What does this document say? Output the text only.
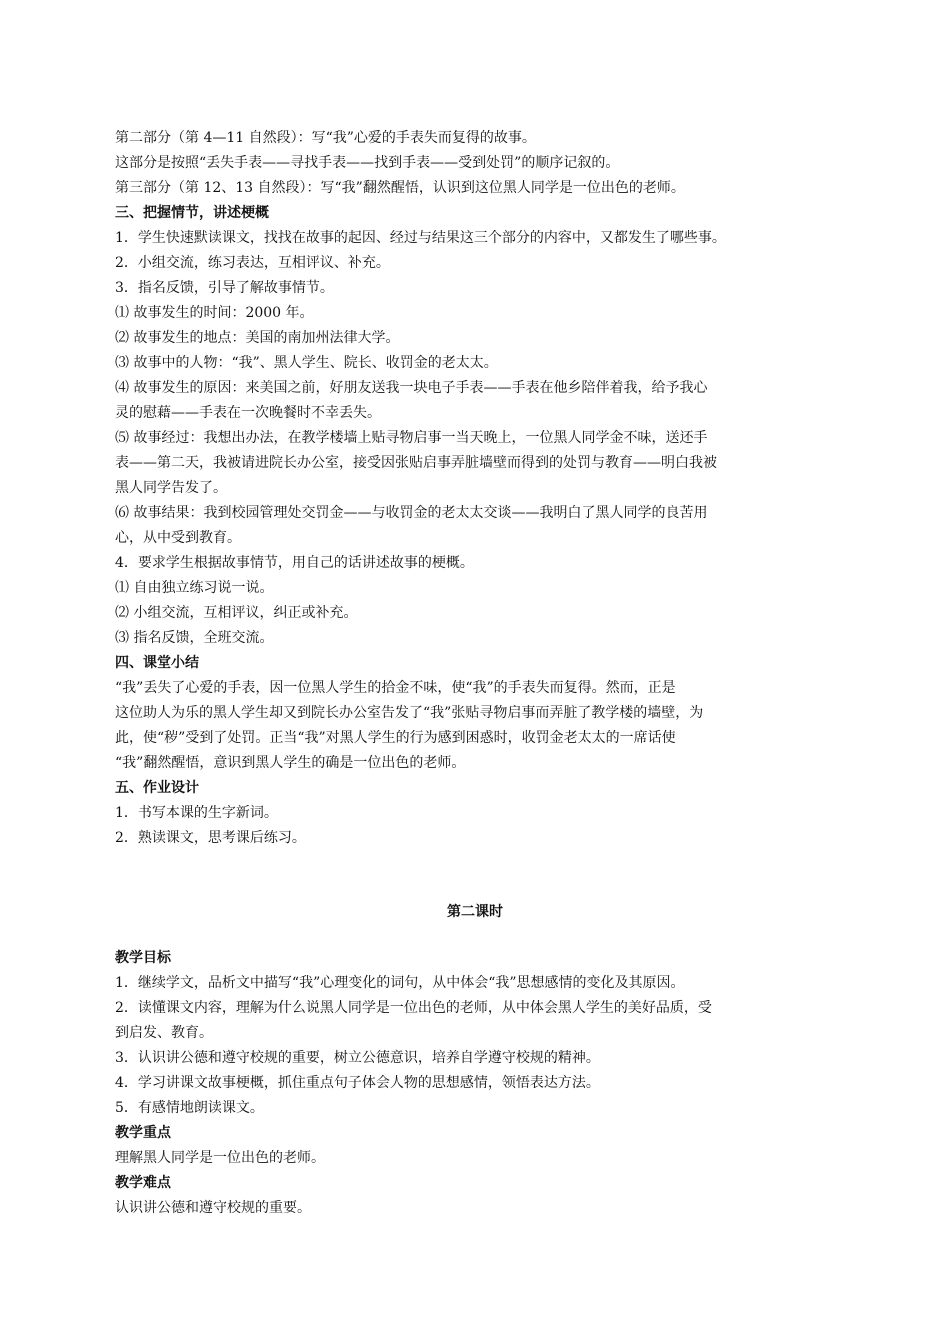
第二部分（第 4—11 自然段）：写“我”心爱的手表失而复得的故事。
这部分是按照“丢失手表——寻找手表——找到手表——受到处罚”的顺序记叙的。
第三部分（第 12、13 自然段）：写“我”翻然醒悟，认识到这位黑人同学是一位出色的老师。
三、把握情节，讲述梗概
1．学生快速默读课文，找找在故事的起因、经过与结果这三个部分的内容中，又都发生了哪些事。
2．小组交流，练习表达，互相评议、补充。
3．指名反馈，引导了解故事情节。
⑴ 故事发生的时间：2000 年。
⑵ 故事发生的地点：美国的南加州法律大学。
⑶ 故事中的人物：“我”、黑人学生、院长、收罚金的老太太。
⑷ 故事发生的原因：来美国之前，好朋友送我一块电子手表——手表在他乡陪伴着我，给予我心
灵的慰藉——手表在一次晚餐时不幸丢失。
⑸ 故事经过：我想出办法，在教学楼墙上贴寻物启事一当天晚上，一位黑人同学金不味，送还手
表——第二天，我被请进院长办公室，接受因张贴启事弄脏墙壁而得到的处罚与教育——明白我被
黑人同学告发了。
⑹ 故事结果：我到校园管理处交罚金——与收罚金的老太太交谈——我明白了黑人同学的良苦用
心，从中受到教育。
4．要求学生根据故事情节，用自己的话讲述故事的梗概。
⑴ 自由独立练习说一说。
⑵ 小组交流，互相评议，纠正或补充。
⑶ 指名反馈，全班交流。
四、课堂小结
“我”丢失了心爱的手表，因一位黑人学生的拾金不味，使“我”的手表失而复得。然而，正是
这位助人为乐的黑人学生却又到院长办公室告发了“我”张贴寻物启事而弄脏了教学楼的墙壁，为
此，使“秽”受到了处罚。正当“我”对黑人学生的行为感到困惑时，收罚金老太太的一席话使
“我”翻然醒悟，意识到黑人学生的确是一位出色的老师。
五、作业设计
1．书写本课的生字新词。
2．熟读课文，思考课后练习。
第二课时
教学目标
1．继续学文，品析文中描写“我”心理变化的词句，从中体会“我”思想感情的变化及其原因。
2．读懂课文内容，理解为什么说黑人同学是一位出色的老师，从中体会黑人学生的美好品质，受
到启发、教育。
3．认识讲公德和遵守校规的重要，树立公德意识，培养自学遵守校规的精神。
4．学习讲课文故事梗概，抓住重点句子体会人物的思想感情，领悟表达方法。
5．有感情地朗读课文。
教学重点
理解黑人同学是一位出色的老师。
教学难点
认识讲公德和遵守校规的重要。
